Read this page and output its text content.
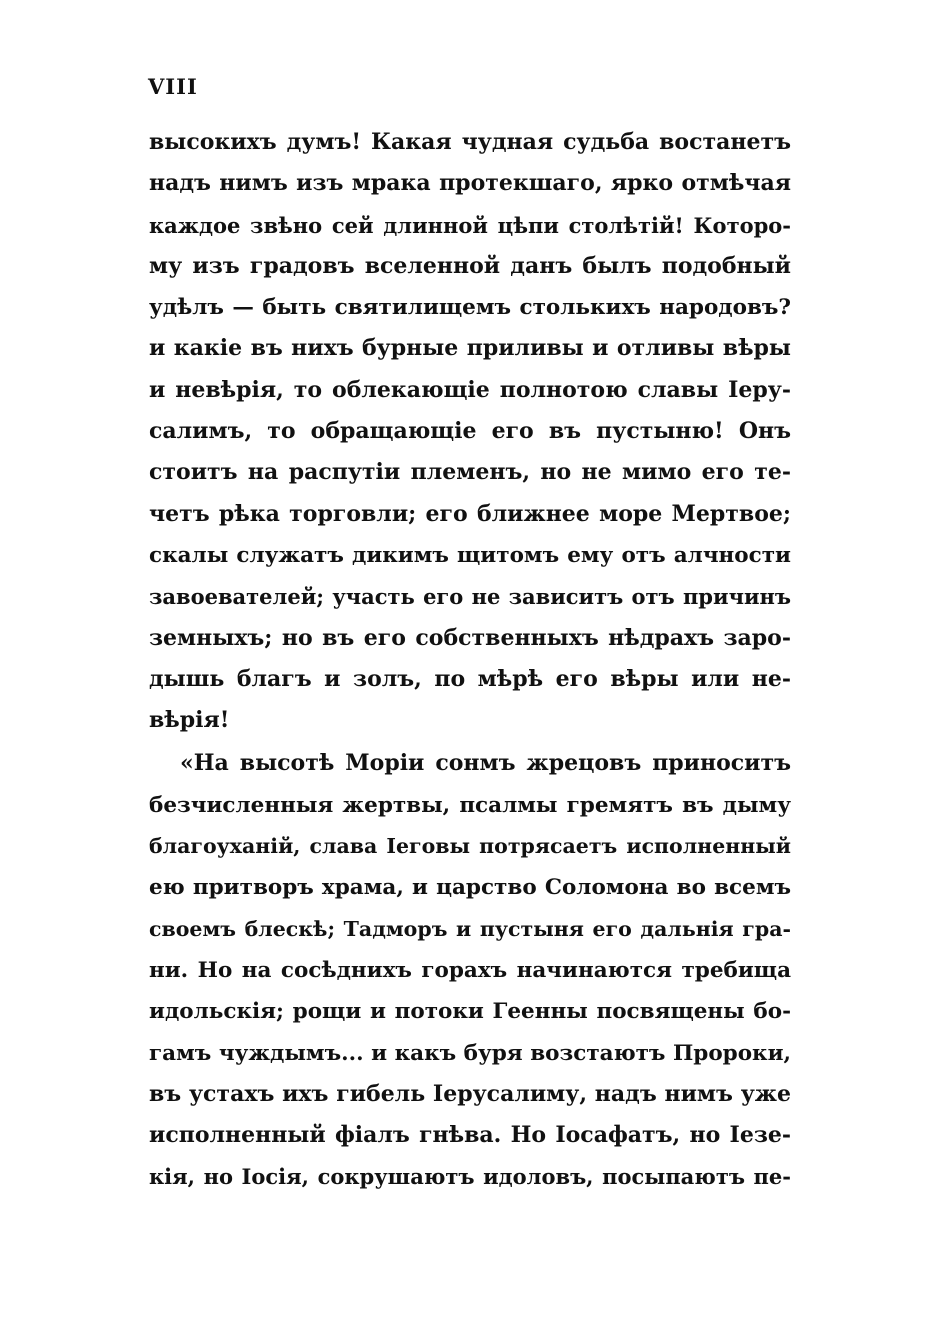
VIII
высокихъ думъ! Какая чудная судьба востанетъ
надъ нимъ изъ мрака протекшаго, ярко отмѣчая
каждое звѣно сей длинной цѣпи столѣтій! Которо-
му изъ градовъ вселенной данъ былъ подобный
удѣлъ — быть святилищемъ столькихъ народовъ?
и какіе въ нихъ бурные приливы и отливы вѣры
и невѣрія, то облекающіе полнотою славы Іеру-
салимъ, то обращающіе его въ пустыню! Онъ
стоитъ на распутіи племенъ, но не мимо его те-
четъ рѣка торговли; его ближнее море Мертвое;
скалы служатъ дикимъ щитомъ ему отъ алчности
завоевателей; участь его не зависитъ отъ причинъ
земныхъ; но въ его собственныхъ нѣдрахъ заро-
дышь благъ и золъ, по мѣрѣ его вѣры или не-
вѣрія!
«На высотѣ Моріи сонмъ жрецовъ приноситъ
безчисленныя жертвы, псалмы гремятъ въ дыму
благоуханій, слава Іеговы потрясаетъ исполненный
ею притворъ храма, и царство Соломона во всемъ
своемъ блескѣ; Тадморъ и пустыня его дальнія гра-
ни. Но на сосѣднихъ горахъ начинаются требища
идольскія; рощи и потоки Геенны посвящены бо-
гамъ чуждымъ... и какъ буря возстаютъ Пророки,
въ устахъ ихъ гибель Іерусалиму, надъ нимъ уже
исполненный фіалъ гнѣва. Но Іосафатъ, но Іезе-
кія, но Іосія, сокрушаютъ идоловъ, посыпаютъ пе-
